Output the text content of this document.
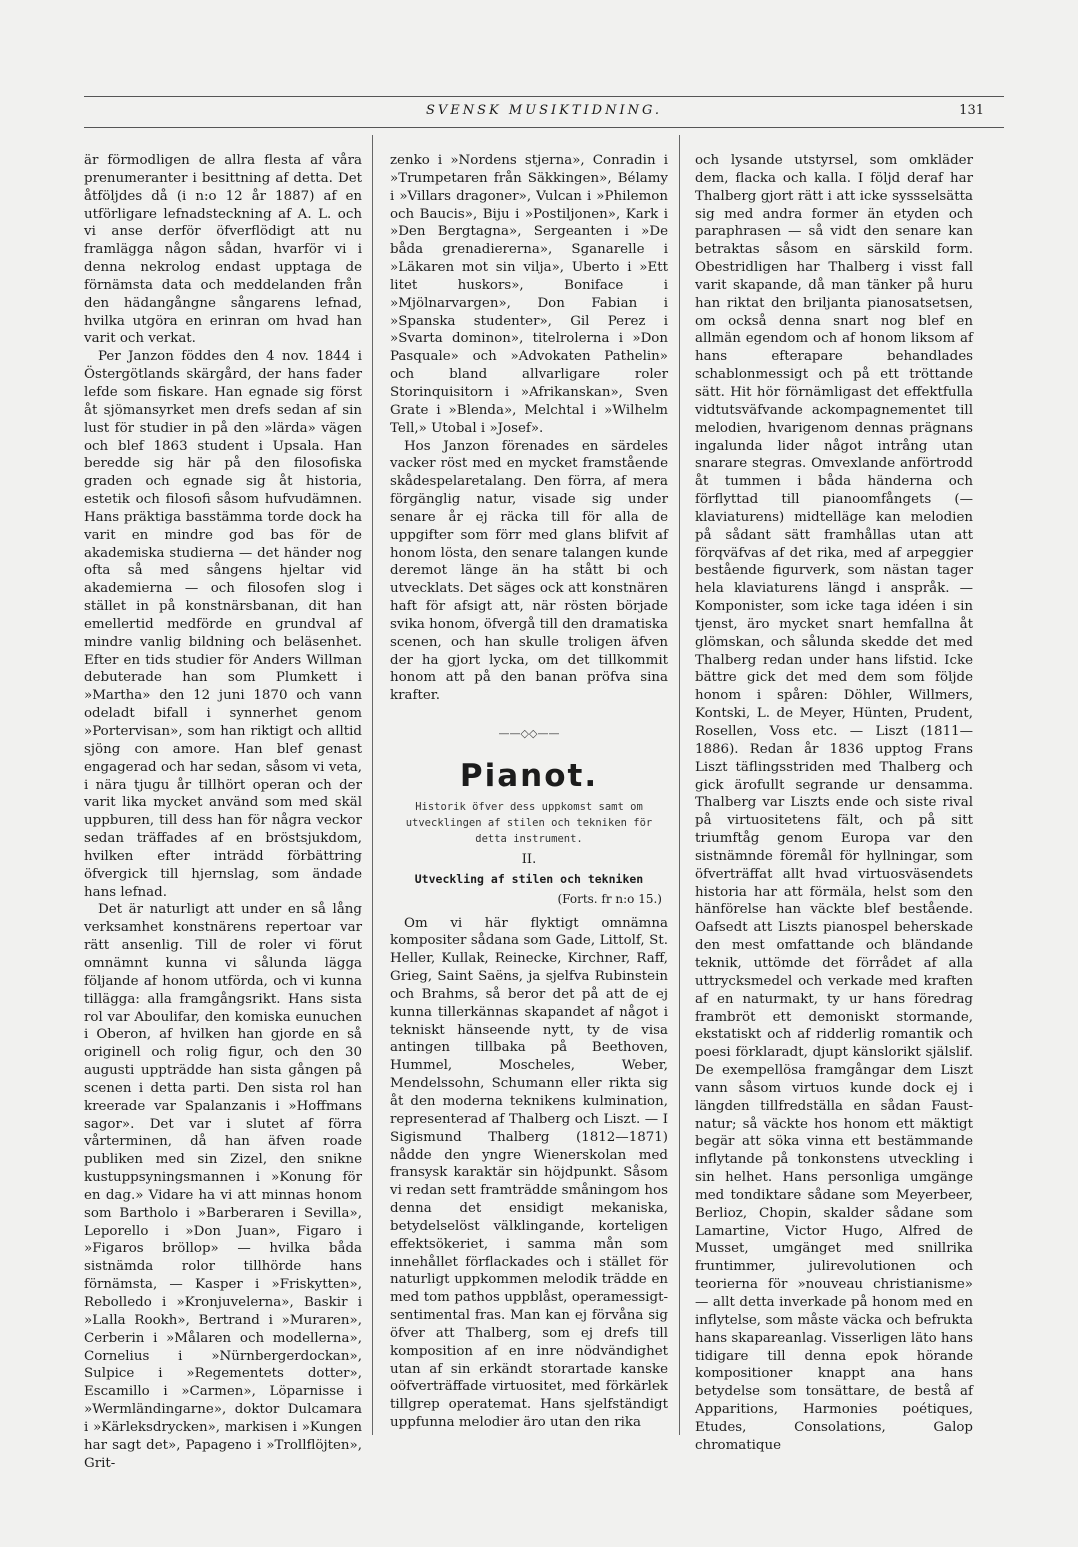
SVENSK MUSIKTIDNING.	131

är förmodligen de allra flesta af våra prenumeranter i besittning af detta. Det åtföljdes då (i n:o 12 år 1887) af en utförligare lefnadsteckning af A. L. och vi anse derför öfverflödigt att nu framlägga någon sådan, hvarför vi i denna nekrolog endast upptaga de förnämsta data och meddelanden från den hädangångne sångarens lefnad, hvilka utgöra en erinran om hvad han varit och verkat.

Per Janzon föddes den 4 nov. 1844 i Östergötlands skärgård, der hans fader lefde som fiskare. Han egnade sig först åt sjömansyrket men drefs sedan af sin lust för studier in på den »lärda» vägen och blef 1863 student i Upsala. Han beredde sig här på den filosofiska graden och egnade sig åt historia, estetik och filosofi såsom hufvudämnen. Hans präktiga basstämma torde dock ha varit en mindre god bas för de akademiska studierna — det händer nog ofta så med sångens hjeltar vid akademierna — och filosofen slog i stället in på konstnärsbanan, dit han emellertid medförde en grundval af mindre vanlig bildning och beläsenhet. Efter en tids studier för Anders Willman debuterade han som Plumkett i »Martha» den 12 juni 1870 och vann odeladt bifall i synnerhet genom »Portervisan», som han riktigt och alltid sjöng con amore. Han blef genast engagerad och har sedan, såsom vi veta, i nära tjugu år tillhört operan och der varit lika mycket använd som med skäl uppburen, till dess han för några veckor sedan träffades af en bröstsjukdom, hvilken efter inträdd förbättring öfvergick till hjernslag, som ändade hans lefnad.

Det är naturligt att under en så lång verksamhet konstnärens repertoar var rätt ansenlig. Till de roler vi förut omnämnt kunna vi sålunda lägga följande af honom utförda, och vi kunna tillägga: alla framgångsrikt. Hans sista rol var Aboulifar, den komiska eunuchen i Oberon, af hvilken han gjorde en så originell och rolig figur, och den 30 augusti uppträdde han sista gången på scenen i detta parti. Den sista rol han kreerade var Spalanzanis i »Hoffmans sagor». Det var i slutet af förra vårterminen, då han äfven roade publiken med sin Zizel, den snikne kustuppsyningsmannen i »Konung för en dag.» Vidare ha vi att minnas honom som Bartholo i »Barberaren i Sevilla», Leporello i »Don Juan», Figaro i »Figaros bröllop» — hvilka båda sistnämda rolor tillhörde hans förnämsta, — Kasper i »Friskytten», Rebolledo i »Kronjuvelerna», Baskir i »Lalla Rookh», Bertrand i »Muraren», Cerberin i »Målaren och modellerna», Cornelius i »Nürnbergerdockan», Sulpice i »Regementets dotter», Escamillo i »Carmen», Löparnisse i »Wermländingarne», doktor Dulcamara i »Kärleksdrycken», markisen i »Kungen har sagt det», Papageno i »Trollflöjten», Grit-

zenko i »Nordens stjerna», Conradin i »Trumpetaren från Säkkingen», Bélamy i »Villars dragoner», Vulcan i »Philemon och Baucis», Biju i »Postiljonen», Kark i »Den Bergtagna», Sergeanten i »De båda grenadiererna», Sganarelle i »Läkaren mot sin vilja», Uberto i »Ett litet huskors», Boniface i »Mjölnarvargen», Don Fabian i »Spanska studenter», Gil Perez i »Svarta dominon», titelrolerna i »Don Pasquale» och »Advokaten Pathelin» och bland allvarligare roler Storinquisitorn i »Afrikanskan», Sven Grate i »Blenda», Melchtal i »Wilhelm Tell,» Utobal i »Josef».

Hos Janzon förenades en särdeles vacker röst med en mycket framstående skådespelaretalang. Den förra, af mera förgänglig natur, visade sig under senare år ej räcka till för alla de uppgifter som förr med glans blifvit af honom lösta, den senare talangen kunde deremot länge än ha stått bi och utvecklats. Det säges ock att konstnären haft för afsigt att, när rösten började svika honom, öfvergå till den dramatiska scenen, och han skulle troligen äfven der ha gjort lycka, om det tillkommit honom att på den banan pröfva sina krafter.

——◇◇——
Pianot.
Historik öfver dess uppkomst samt om utvecklingen af stilen och tekniken för detta instrument.
II.
Utveckling af stilen och tekniken
(Forts. fr n:o 15.)

Om vi här flyktigt omnämna kompositer sådana som Gade, Littolf, St. Heller, Kullak, Reinecke, Kirchner, Raff, Grieg, Saint Saëns, ja sjelfva Rubinstein och Brahms, så beror det på att de ej kunna tillerkännas skapandet af något i tekniskt hänseende nytt, ty de visa antingen tillbaka på Beethoven, Hummel, Moscheles, Weber, Mendelssohn, Schumann eller rikta sig åt den moderna teknikens kulmination, representerad af Thalberg och Liszt. — I Sigismund Thalberg (1812—1871) nådde den yngre Wienerskolan med fransysk karaktär sin höjdpunkt. Såsom vi redan sett framträdde småningom hos denna det ensidigt mekaniska, betydelselöst välklingande, korteligen effektsökeriet, i samma mån som innehållet förflackades och i stället för naturligt uppkommen melodik trädde en med tom pathos uppblåst, operamessigt-sentimental fras. Man kan ej förvåna sig öfver att Thalberg, som ej drefs till komposition af en inre nödvändighet utan af sin erkändt storartade kanske oöfverträffade virtuositet, med förkärlek tillgrep operatemat. Hans sjelfständigt uppfunna melodier äro utan den rika

och lysande utstyrsel, som omkläder dem, flacka och kalla. I följd deraf har Thalberg gjort rätt i att icke syssselsätta sig med andra former än etyden och paraphrasen — så vidt den senare kan betraktas såsom en särskild form. Obestridligen har Thalberg i visst fall varit skapande, då man tänker på huru han riktat den briljanta pianosatsetsen, om också denna snart nog blef en allmän egendom och af honom liksom af hans efterapare behandlades schablonmessigt och på ett tröttande sätt. Hit hör förnämligast det effektfulla vidtutsväfvande ackompagnementet till melodien, hvarigenom dennas prägnans ingalunda lider något intrång utan snarare stegras. Omvexlande anförtrodd åt tummen i båda händerna och förflyttad till pianoomfångets (— klaviaturens) midtelläge kan melodien på sådant sätt framhållas utan att förqväfvas af det rika, med af arpeggier bestående figurverk, som nästan tager hela klaviaturens längd i anspråk. — Komponister, som icke taga idéen i sin tjenst, äro mycket snart hemfallna åt glömskan, och sålunda skedde det med Thalberg redan under hans lifstid. Icke bättre gick det med dem som följde honom i spåren: Döhler, Willmers, Kontski, L. de Meyer, Hünten, Prudent, Rosellen, Voss etc. — Liszt (1811—1886). Redan år 1836 upptog Frans Liszt täflingsstriden med Thalberg och gick ärofullt segrande ur densamma. Thalberg var Liszts ende och siste rival på virtuositetens fält, och på sitt triumftåg genom Europa var den sistnämnde föremål för hyllningar, som öfverträffat allt hvad virtuosväsendets historia har att förmäla, helst som den hänförelse han väckte blef bestående. Oafsedt att Liszts pianospel beherskade den mest omfattande och bländande teknik, uttömde det förrådet af alla uttrycksmedel och verkade med kraften af en naturmakt, ty ur hans föredrag frambröt ett demoniskt stormande, ekstatiskt och af ridderlig romantik och poesi förklaradt, djupt känslorikt själslif. De exempellösa framgångar dem Liszt vann såsom virtuos kunde dock ej i längden tillfredställa en sådan Faust-natur; så väckte hos honom ett mäktigt begär att söka vinna ett bestämmande inflytande på tonkonstens utveckling i sin helhet. Hans personliga umgänge med tondiktare sådane som Meyerbeer, Berlioz, Chopin, skalder sådane som Lamartine, Victor Hugo, Alfred de Musset, umgänget med snillrika fruntimmer, julirevolutionen och teorierna för »nouveau christianisme» — allt detta inverkade på honom med en inflytelse, som måste väcka och befrukta hans skapareanlag. Visserligen läto hans tidigare till denna epok hörande kompositioner knappt ana hans betydelse som tonsättare, de bestå af Apparitions, Harmonies poétiques, Etudes, Consolations, Galop chromatique
